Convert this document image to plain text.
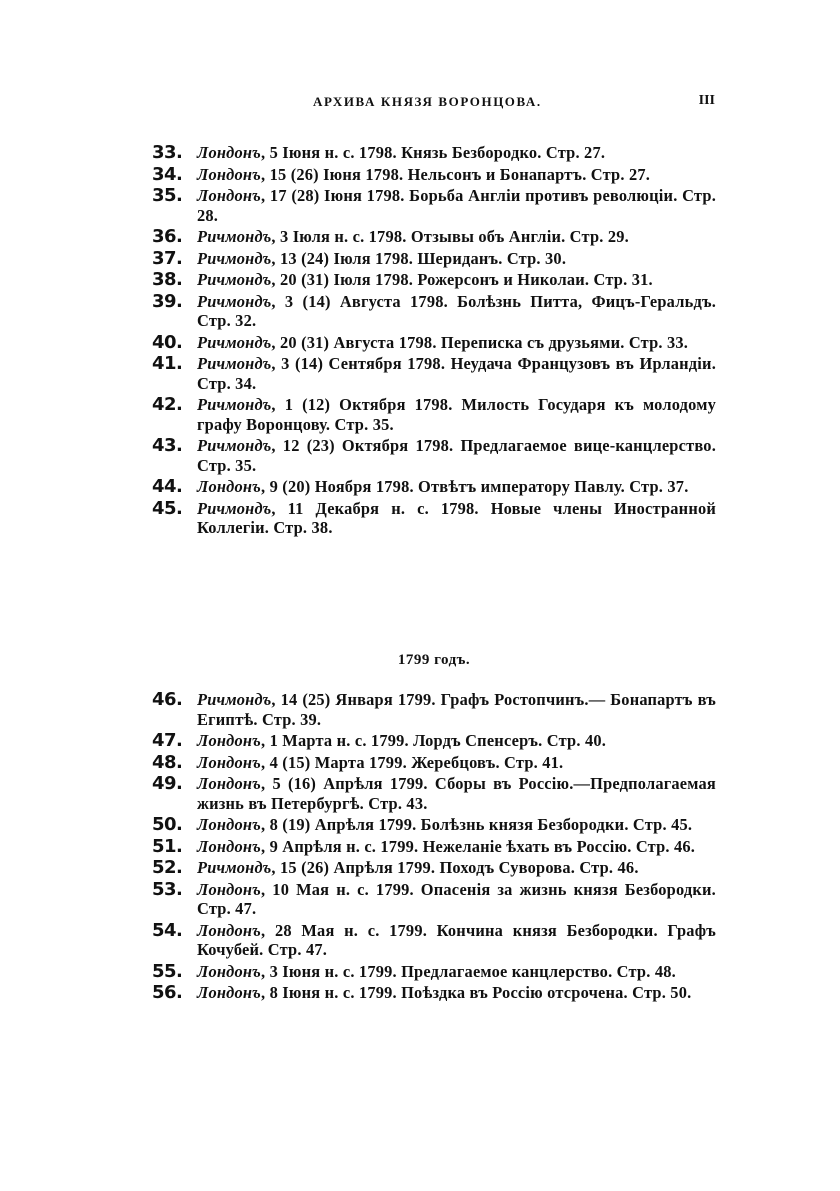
АРХИВА КНЯЗЯ ВОРОНЦОВА.	III
33. Лондонъ, 5 Іюня н. с. 1798. Князь Безбородко. Стр. 27.
34. Лондонъ, 15 (26) Іюня 1798. Нельсонъ и Бонапартъ. Стр. 27.
35. Лондонъ, 17 (28) Іюня 1798. Борьба Англіи противъ революціи. Стр. 28.
36. Ричмондъ, 3 Іюля н. с. 1798. Отзывы объ Англіи. Стр. 29.
37. Ричмондъ, 13 (24) Іюля 1798. Шериданъ. Стр. 30.
38. Ричмондъ, 20 (31) Іюля 1798. Рожерсонъ и Николаи. Стр. 31.
39. Ричмондъ, 3 (14) Августа 1798. Болѣзнь Питта, Фицъ-Геральдъ. Стр. 32.
40. Ричмондъ, 20 (31) Августа 1798. Переписка съ друзьями. Стр. 33.
41. Ричмондъ, 3 (14) Сентября 1798. Неудача Французовъ въ Ирландіи. Стр. 34.
42. Ричмондъ, 1 (12) Октября 1798. Милость Государя къ молодому графу Воронцову. Стр. 35.
43. Ричмондъ, 12 (23) Октября 1798. Предлагаемое вице-канцлерство. Стр. 35.
44. Лондонъ, 9 (20) Ноября 1798. Отвѣтъ императору Павлу. Стр. 37.
45. Ричмондъ, 11 Декабря н. с. 1798. Новые члены Иностранной Коллегіи. Стр. 38.
1799 годъ.
46. Ричмондъ, 14 (25) Января 1799. Графъ Ростопчинъ.— Бонапартъ въ Египтѣ. Стр. 39.
47. Лондонъ, 1 Марта н. с. 1799. Лордъ Спенсеръ. Стр. 40.
48. Лондонъ, 4 (15) Марта 1799. Жеребцовъ. Стр. 41.
49. Лондонъ, 5 (16) Апрѣля 1799. Сборы въ Россію.—Предполагаемая жизнь въ Петербургѣ. Стр. 43.
50. Лондонъ, 8 (19) Апрѣля 1799. Болѣзнь князя Безбородки. Стр. 45.
51. Лондонъ, 9 Апрѣля н. с. 1799. Нежеланіе ѣхать въ Россію. Стр. 46.
52. Ричмондъ, 15 (26) Апрѣля 1799. Походъ Суворова. Стр. 46.
53. Лондонъ, 10 Мая н. с. 1799. Опасенія за жизнь князя Безбородки. Стр. 47.
54. Лондонъ, 28 Мая н. с. 1799. Кончина князя Безбородки. Графъ Кочубей. Стр. 47.
55. Лондонъ, 3 Іюня н. с. 1799. Предлагаемое канцлерство. Стр. 48.
56. Лондонъ, 8 Іюня н. с. 1799. Поѣздка въ Россію отсрочена. Стр. 50.
